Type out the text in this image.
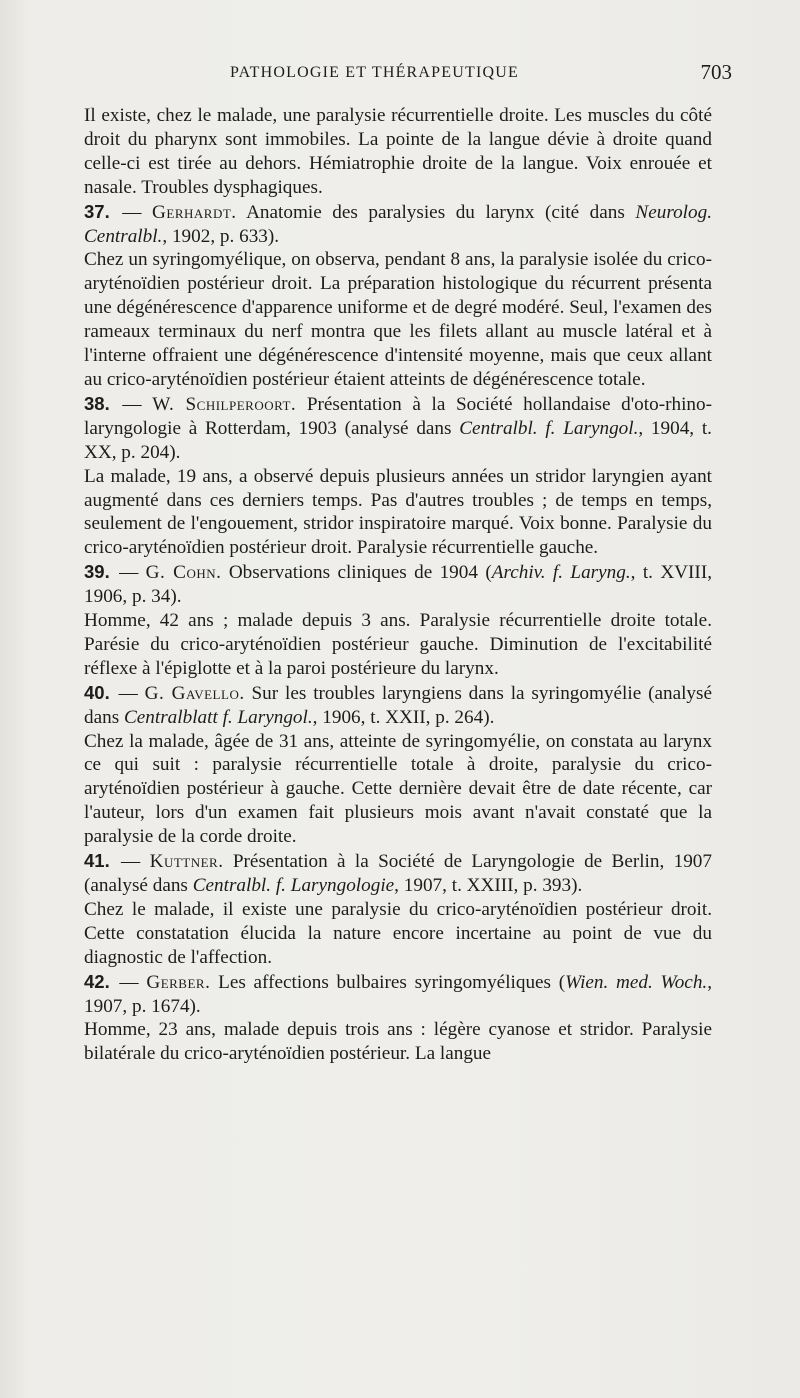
PATHOLOGIE ET THÉRAPEUTIQUE	703

Il existe, chez le malade, une paralysie récurrentielle droite. Les muscles du côté droit du pharynx sont immobiles. La pointe de la langue dévie à droite quand celle-ci est tirée au dehors. Hémiatrophie droite de la langue. Voix enrouée et nasale. Troubles dysphagiques.

37. — Gerhardt. Anatomie des paralysies du larynx (cité dans Neurolog. Centralbl., 1902, p. 633).

Chez un syringomyélique, on observa, pendant 8 ans, la paralysie isolée du crico-aryténoïdien postérieur droit. La préparation histologique du récurrent présenta une dégénérescence d'apparence uniforme et de degré modéré. Seul, l'examen des rameaux terminaux du nerf montra que les filets allant au muscle latéral et à l'interne offraient une dégénérescence d'intensité moyenne, mais que ceux allant au crico-aryténoïdien postérieur étaient atteints de dégénérescence totale.

38. — W. Schilperoort. Présentation à la Société hollandaise d'oto-rhino-laryngologie à Rotterdam, 1903 (analysé dans Centralbl. f. Laryngol., 1904, t. XX, p. 204).

La malade, 19 ans, a observé depuis plusieurs années un stridor laryngien ayant augmenté dans ces derniers temps. Pas d'autres troubles ; de temps en temps, seulement de l'engouement, stridor inspiratoire marqué. Voix bonne. Paralysie du crico-aryténoïdien postérieur droit. Paralysie récurrentielle gauche.

39. — G. Cohn. Observations cliniques de 1904 (Archiv. f. Laryng., t. XVIII, 1906, p. 34).

Homme, 42 ans ; malade depuis 3 ans. Paralysie récurrentielle droite totale. Parésie du crico-aryténoïdien postérieur gauche. Diminution de l'excitabilité réflexe à l'épiglotte et à la paroi postérieure du larynx.

40. — G. Gavello. Sur les troubles laryngiens dans la syringomyélie (analysé dans Centralblatt f. Laryngol., 1906, t. XXII, p. 264).

Chez la malade, âgée de 31 ans, atteinte de syringomyélie, on constata au larynx ce qui suit : paralysie récurrentielle totale à droite, paralysie du crico-aryténoïdien postérieur à gauche. Cette dernière devait être de date récente, car l'auteur, lors d'un examen fait plusieurs mois avant n'avait constaté que la paralysie de la corde droite.

41. — Kuttner. Présentation à la Société de Laryngologie de Berlin, 1907 (analysé dans Centralbl. f. Laryngologie, 1907, t. XXIII, p. 393).

Chez le malade, il existe une paralysie du crico-aryténoïdien postérieur droit. Cette constatation élucida la nature encore incertaine au point de vue du diagnostic de l'affection.

42. — Gerber. Les affections bulbaires syringomyéliques (Wien. med. Woch., 1907, p. 1674).

Homme, 23 ans, malade depuis trois ans : légère cyanose et stridor. Paralysie bilatérale du crico-aryténoïdien postérieur. La langue
